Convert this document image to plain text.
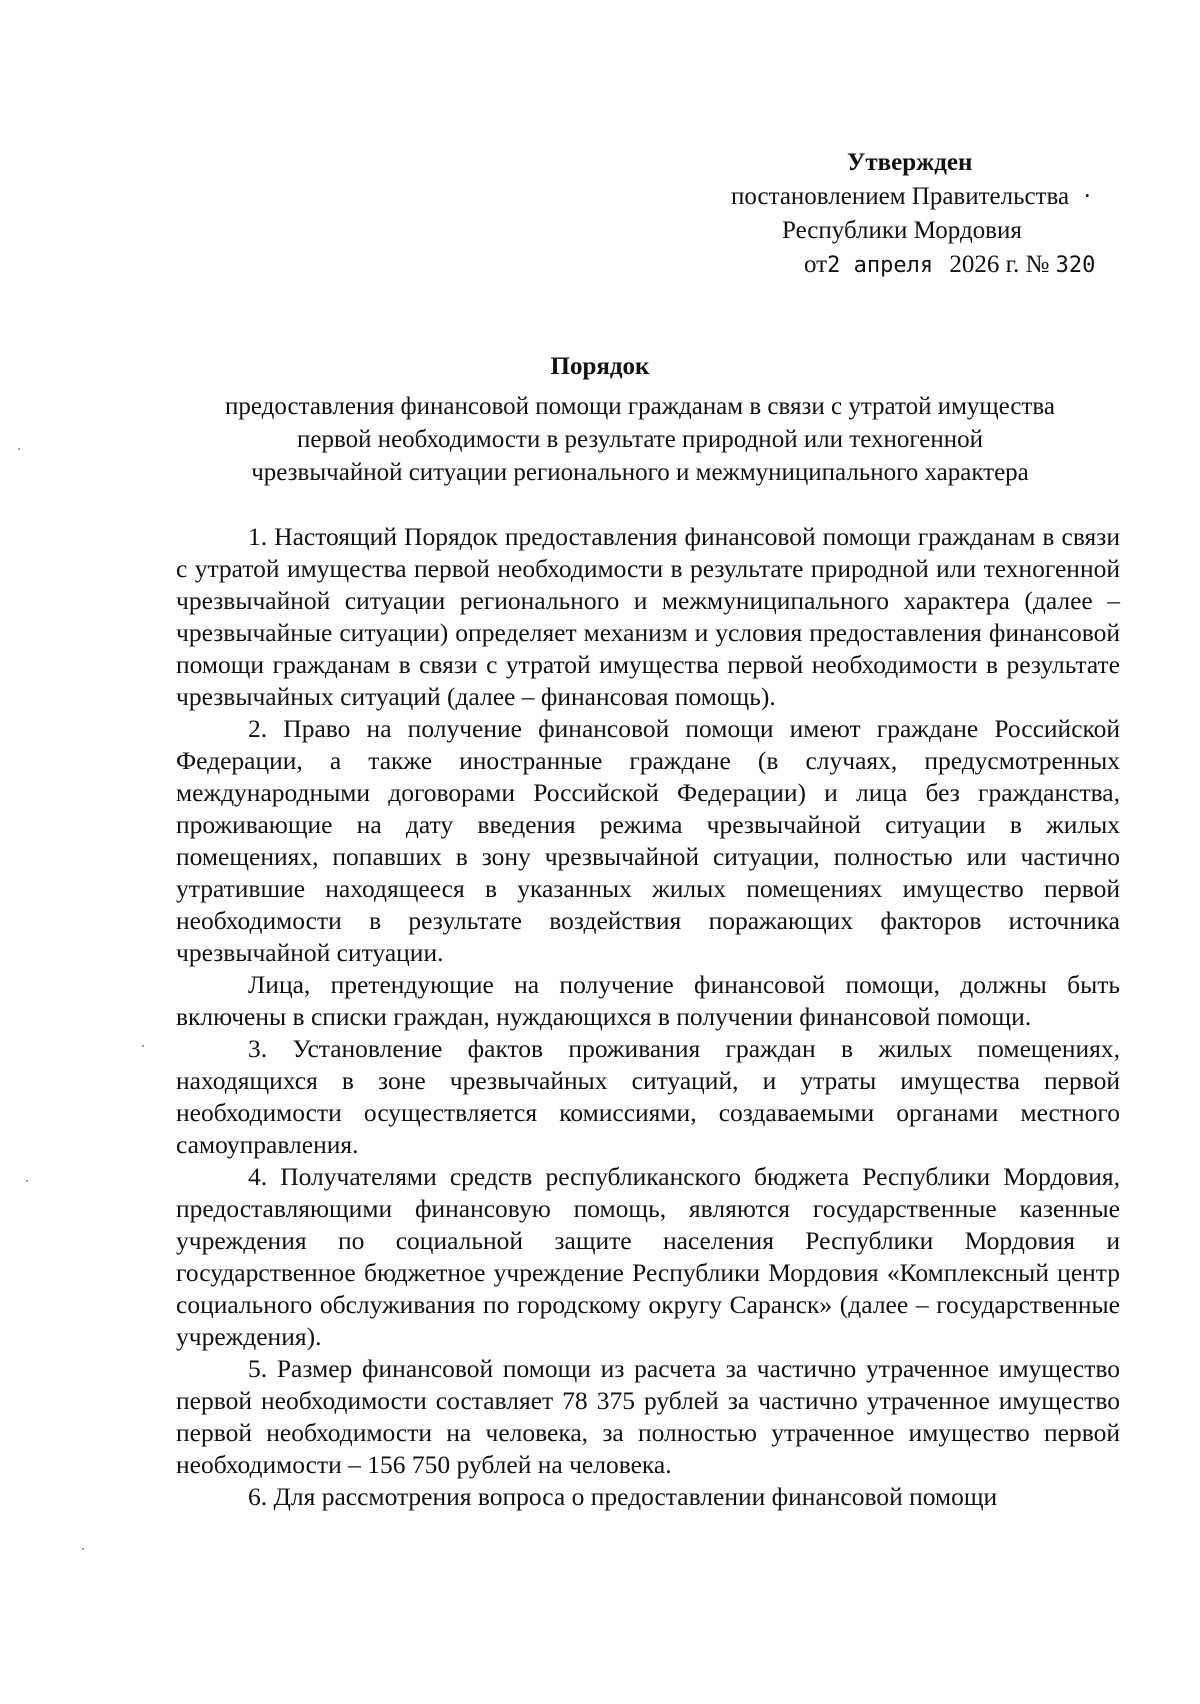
Утвержден
постановлением Правительства ·
Республики Мордовия
от2 апреля 2026 г. № 320
Порядок
предоставления финансовой помощи гражданам в связи с утратой имущества
первой необходимости в результате природной или техногенной
чрезвычайной ситуации регионального и межмуниципального характера

1. Настоящий Порядок предоставления финансовой помощи гражданам в связи с утратой имущества первой необходимости в результате природной или техногенной чрезвычайной ситуации регионального и межмуниципального характера (далее – чрезвычайные ситуации) определяет механизм и условия предоставления финансовой помощи гражданам в связи с утратой имущества первой необходимости в результате чрезвычайных ситуаций (далее – финансовая помощь).

2. Право на получение финансовой помощи имеют граждане Российской Федерации, а также иностранные граждане (в случаях, предусмотренных международными договорами Российской Федерации) и лица без гражданства, проживающие на дату введения режима чрезвычайной ситуации в жилых помещениях, попавших в зону чрезвычайной ситуации, полностью или частично утратившие находящееся в указанных жилых помещениях имущество первой необходимости в результате воздействия поражающих факторов источника чрезвычайной ситуации.

Лица, претендующие на получение финансовой помощи, должны быть включены в списки граждан, нуждающихся в получении финансовой помощи.

3. Установление фактов проживания граждан в жилых помещениях, находящихся в зоне чрезвычайных ситуаций, и утраты имущества первой необходимости осуществляется комиссиями, создаваемыми органами местного самоуправления.

4. Получателями средств республиканского бюджета Республики Мордовия, предоставляющими финансовую помощь, являются государственные казенные учреждения по социальной защите населения Республики Мордовия и государственное бюджетное учреждение Республики Мордовия «Комплексный центр социального обслуживания по городскому округу Саранск» (далее – государственные учреждения).

5. Размер финансовой помощи из расчета за частично утраченное имущество первой необходимости составляет 78 375 рублей за частично утраченное имущество первой необходимости на человека, за полностью утраченное имущество первой необходимости – 156 750 рублей на человека.

6. Для рассмотрения вопроса о предоставлении финансовой помощи
